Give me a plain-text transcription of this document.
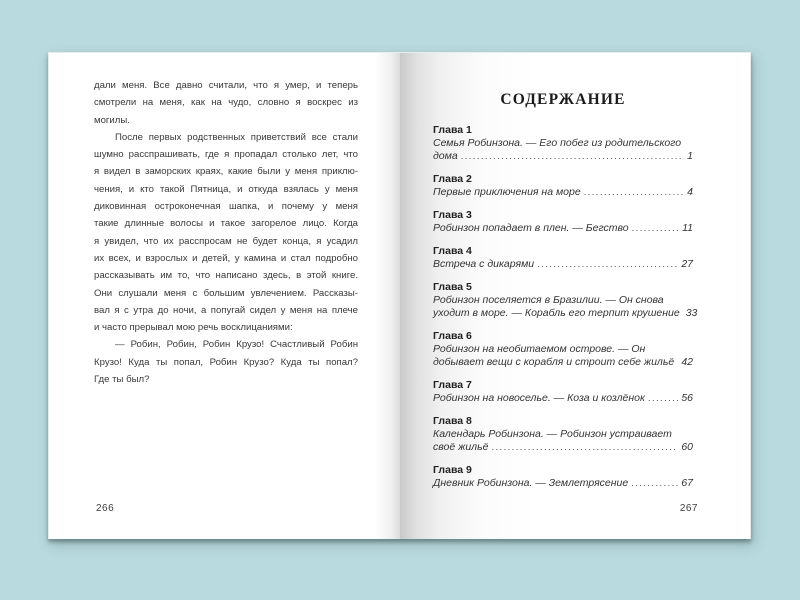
дали меня. Все давно считали, что я умер, и теперь
смотрели на меня, как на чудо, словно я воскрес из
могилы.
После первых родственных приветствий все стали
шумно расспрашивать, где я пропадал столько лет, что
я видел в заморских краях, какие были у меня приклю-
чения, и кто такой Пятница, и откуда взялась у меня
диковинная остроконечная шапка, и почему у меня
такие длинные волосы и такое загорелое лицо. Когда
я увидел, что их расспросам не будет конца, я усадил
их всех, и взрослых и детей, у камина и стал подробно
рассказывать им то, что написано здесь, в этой книге.
Они слушали меня с большим увлечением. Рассказы-
вал я с утра до ночи, а попугай сидел у меня на плече
и часто прерывал мою речь восклицаниями:
— Робин, Робин, Робин Крузо! Счастливый Робин
Крузо! Куда ты попал, Робин Крузо? Куда ты попал?
Где ты был?
266
СОДЕРЖАНИЕ
Глава 1
Семья Робинзона. — Его побег из родительского
дома .....	1
Глава 2
Первые приключения на море .....	4
Глава 3
Робинзон попадает в плен. — Бегство .....	11
Глава 4
Встреча с дикарями .....	27
Глава 5
Робинзон поселяется в Бразилии. — Он снова
уходит в море. — Корабль его терпит крушение 33
Глава 6
Робинзон на необитаемом острове. — Он
добывает вещи с корабля и строит себе жильё ..... 42
Глава 7
Робинзон на новоселье. — Коза и козлёнок .....	56
Глава 8
Календарь Робинзона. — Робинзон устраивает
своё жильё .....	60
Глава 9
Дневник Робинзона. — Землетрясение .....	67
267
